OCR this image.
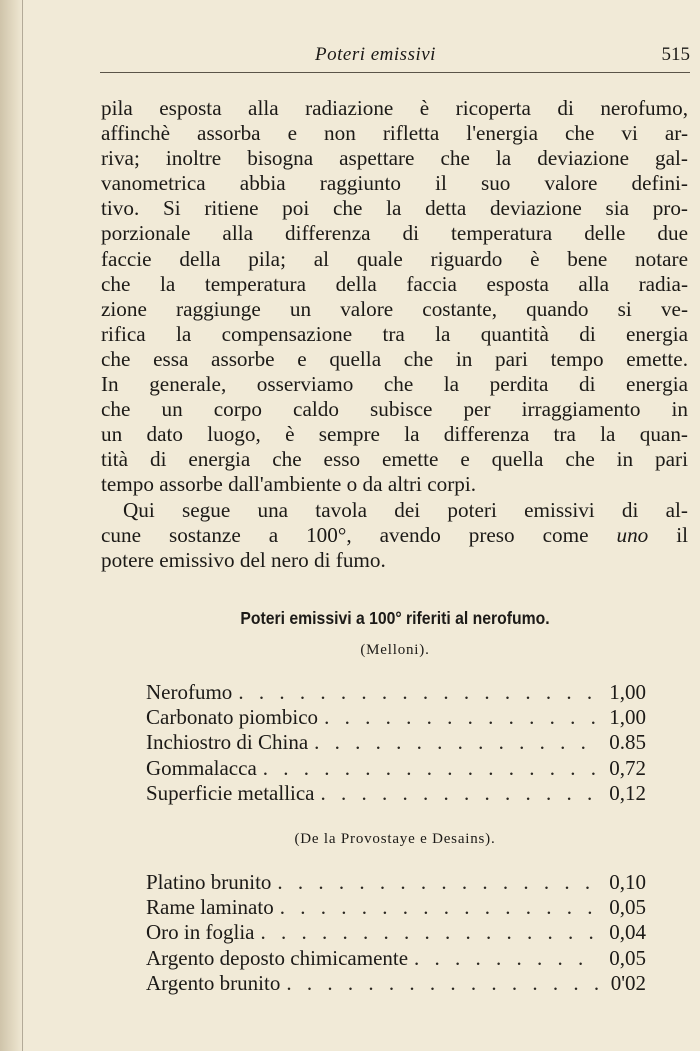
Poteri emissivi	515
pila esposta alla radiazione è ricoperta di nerofumo,
affinchè assorba e non rifletta l'energia che vi ar-
riva; inoltre bisogna aspettare che la deviazione gal-
vanometrica abbia raggiunto il suo valore defini-
tivo. Si ritiene poi che la detta deviazione sia pro-
porzionale alla differenza di temperatura delle due
faccie della pila; al quale riguardo è bene notare
che la temperatura della faccia esposta alla radia-
zione raggiunge un valore costante, quando si ve-
rifica la compensazione tra la quantità di energia
che essa assorbe e quella che in pari tempo emette.
In generale, osserviamo che la perdita di energia
che un corpo caldo subisce per irraggiamento in
un dato luogo, è sempre la differenza tra la quan-
tità di energia che esso emette e quella che in pari
tempo assorbe dall'ambiente o da altri corpi.
Qui segue una tavola dei poteri emissivi di al-
cune sostanze a 100°, avendo preso come uno il
potere emissivo del nero di fumo.
Poteri emissivi a 100° riferiti al nerofumo.
(Melloni).
Nerofumo . . .	1,00
Carbonato piombico . . .	1,00
Inchiostro di China . . .	0.85
Gommalacca . . .	0,72
Superficie metallica . . .	0,12
(De la Provostaye e Desains).
Platino brunito . . .	0,10
Rame laminato . . .	0,05
Oro in foglia . . .	0,04
Argento deposto chimicamente . . .	0,05
Argento brunito . . .	0'02
